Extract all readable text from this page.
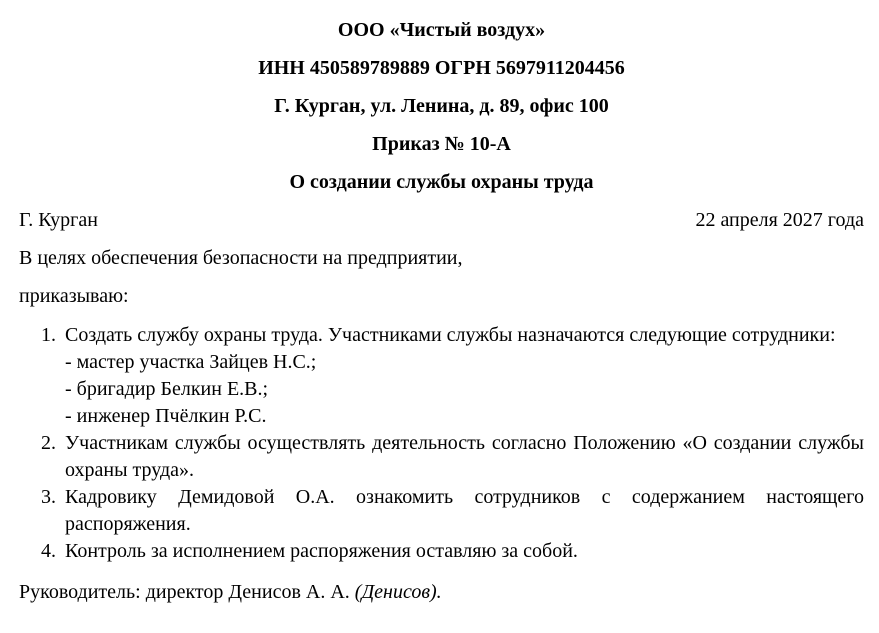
ООО «Чистый воздух»
ИНН 450589789889 ОГРН 5697911204456
Г. Курган, ул. Ленина, д. 89, офис 100
Приказ № 10-А
О создании службы охраны труда
Г. Курган	22 апреля 2027 года
В целях обеспечения безопасности на предприятии,
приказываю:
1. Создать службу охраны труда. Участниками службы назначаются следующие сотрудники:
- мастер участка Зайцев Н.С.;
- бригадир Белкин Е.В.;
- инженер Пчёлкин Р.С.
2. Участникам службы осуществлять деятельность согласно Положению «О создании службы охраны труда».
3. Кадровику Демидовой О.А. ознакомить сотрудников с содержанием настоящего распоряжения.
4. Контроль за исполнением распоряжения оставляю за собой.
Руководитель: директор Денисов А. А. (Денисов).
